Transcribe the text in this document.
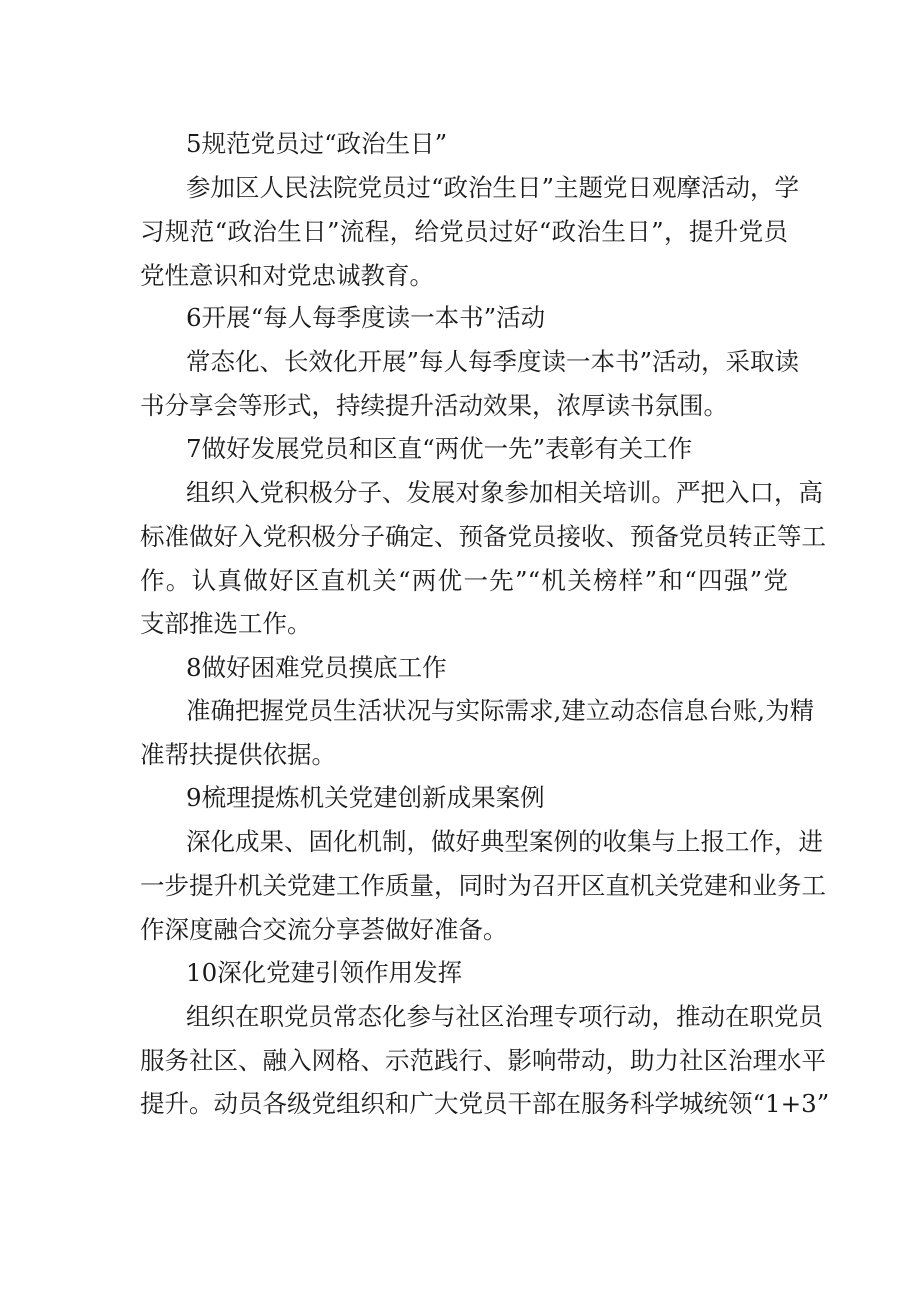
5规范党员过“政治生日”
参加区人民法院党员过“政治生日”主题党日观摩活动，学
习规范“政治生日”流程，给党员过好“政治生日”，提升党员
党性意识和对党忠诚教育。
6开展“每人每季度读一本书”活动
常态化、长效化开展”每人每季度读一本书”活动，采取读
书分享会等形式，持续提升活动效果，浓厚读书氛围。
7做好发展党员和区直“两优一先”表彰有关工作
组织入党积极分子、发展对象参加相关培训。严把入口，高
标准做好入党积极分子确定、预备党员接收、预备党员转正等工
作。认真做好区直机关“两优一先”“机关榜样”和“四强”党
支部推选工作。
8做好困难党员摸底工作
准确把握党员生活状况与实际需求,建立动态信息台账,为精
准帮扶提供依据。
9梳理提炼机关党建创新成果案例
深化成果、固化机制，做好典型案例的收集与上报工作，进
一步提升机关党建工作质量，同时为召开区直机关党建和业务工
作深度融合交流分享荟做好准备。
10深化党建引领作用发挥
组织在职党员常态化参与社区治理专项行动，推动在职党员
服务社区、融入网格、示范践行、影响带动，助力社区治理水平
提升。动员各级党组织和广大党员干部在服务科学城统领“1+3”
